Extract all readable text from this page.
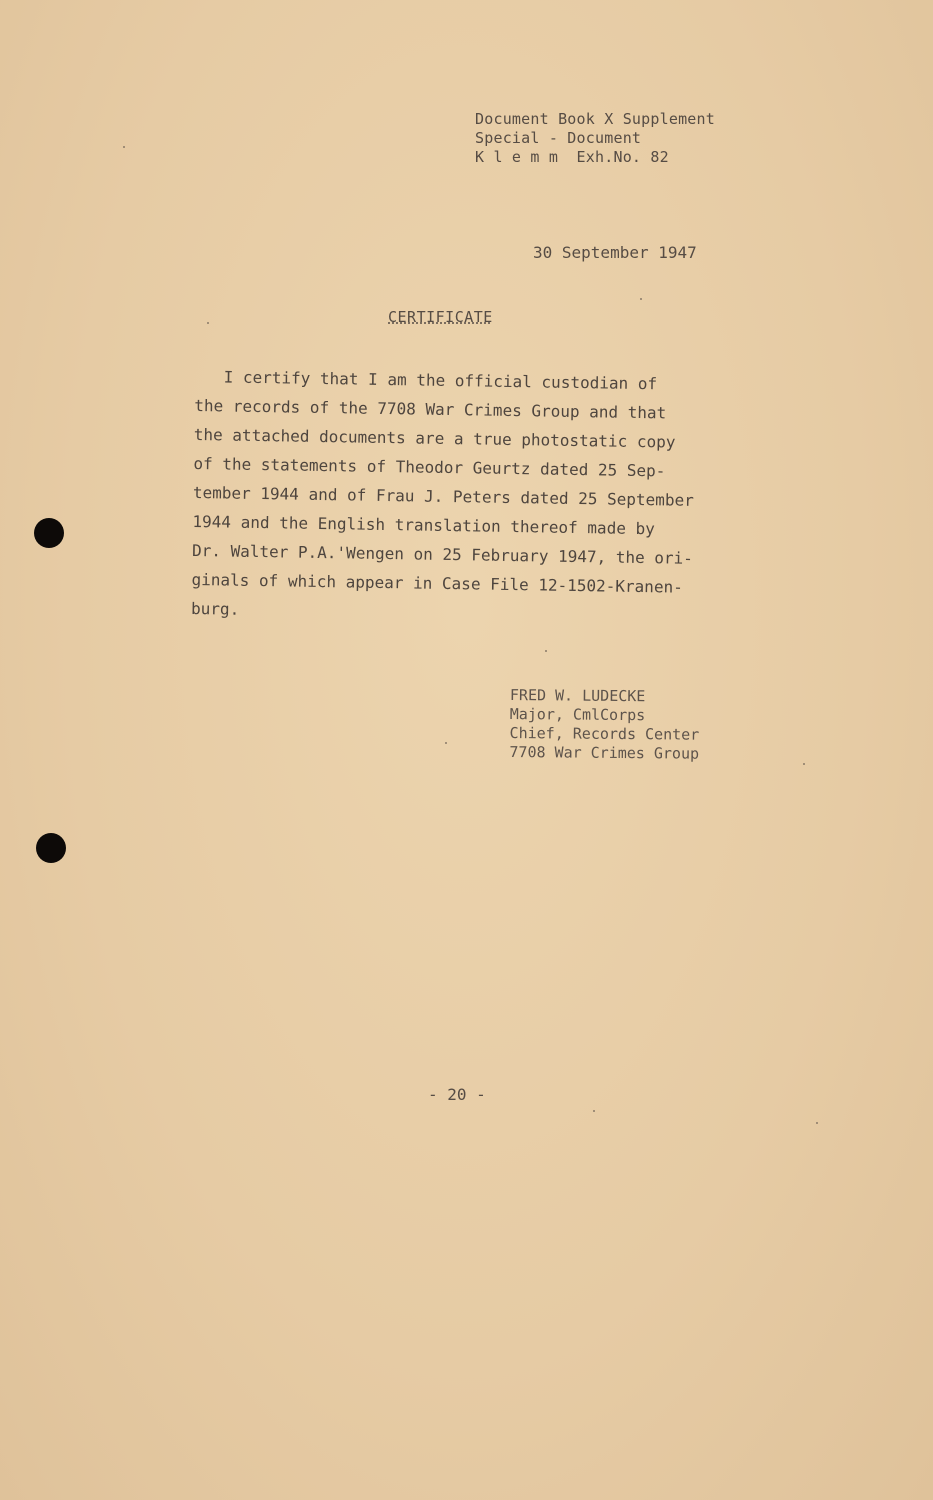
Document Book X Supplement
Special - Document
K l e m m  Exh.No. 82
30 September 1947
CERTIFICATE
I certify that I am the official custodian of
the records of the 7708 War Crimes Group and that
the attached documents are a true photostatic copy
of the statements of Theodor Geurtz dated 25 Sep-
tember 1944 and of Frau J. Peters dated 25 September
1944 and the English translation thereof made by
Dr. Walter P.A.'Wengen on 25 February 1947, the ori-
ginals of which appear in Case File 12-1502-Kranen-
burg.
FRED W. LUDECKE
Major, CmlCorps
Chief, Records Center
7708 War Crimes Group
- 20 -
